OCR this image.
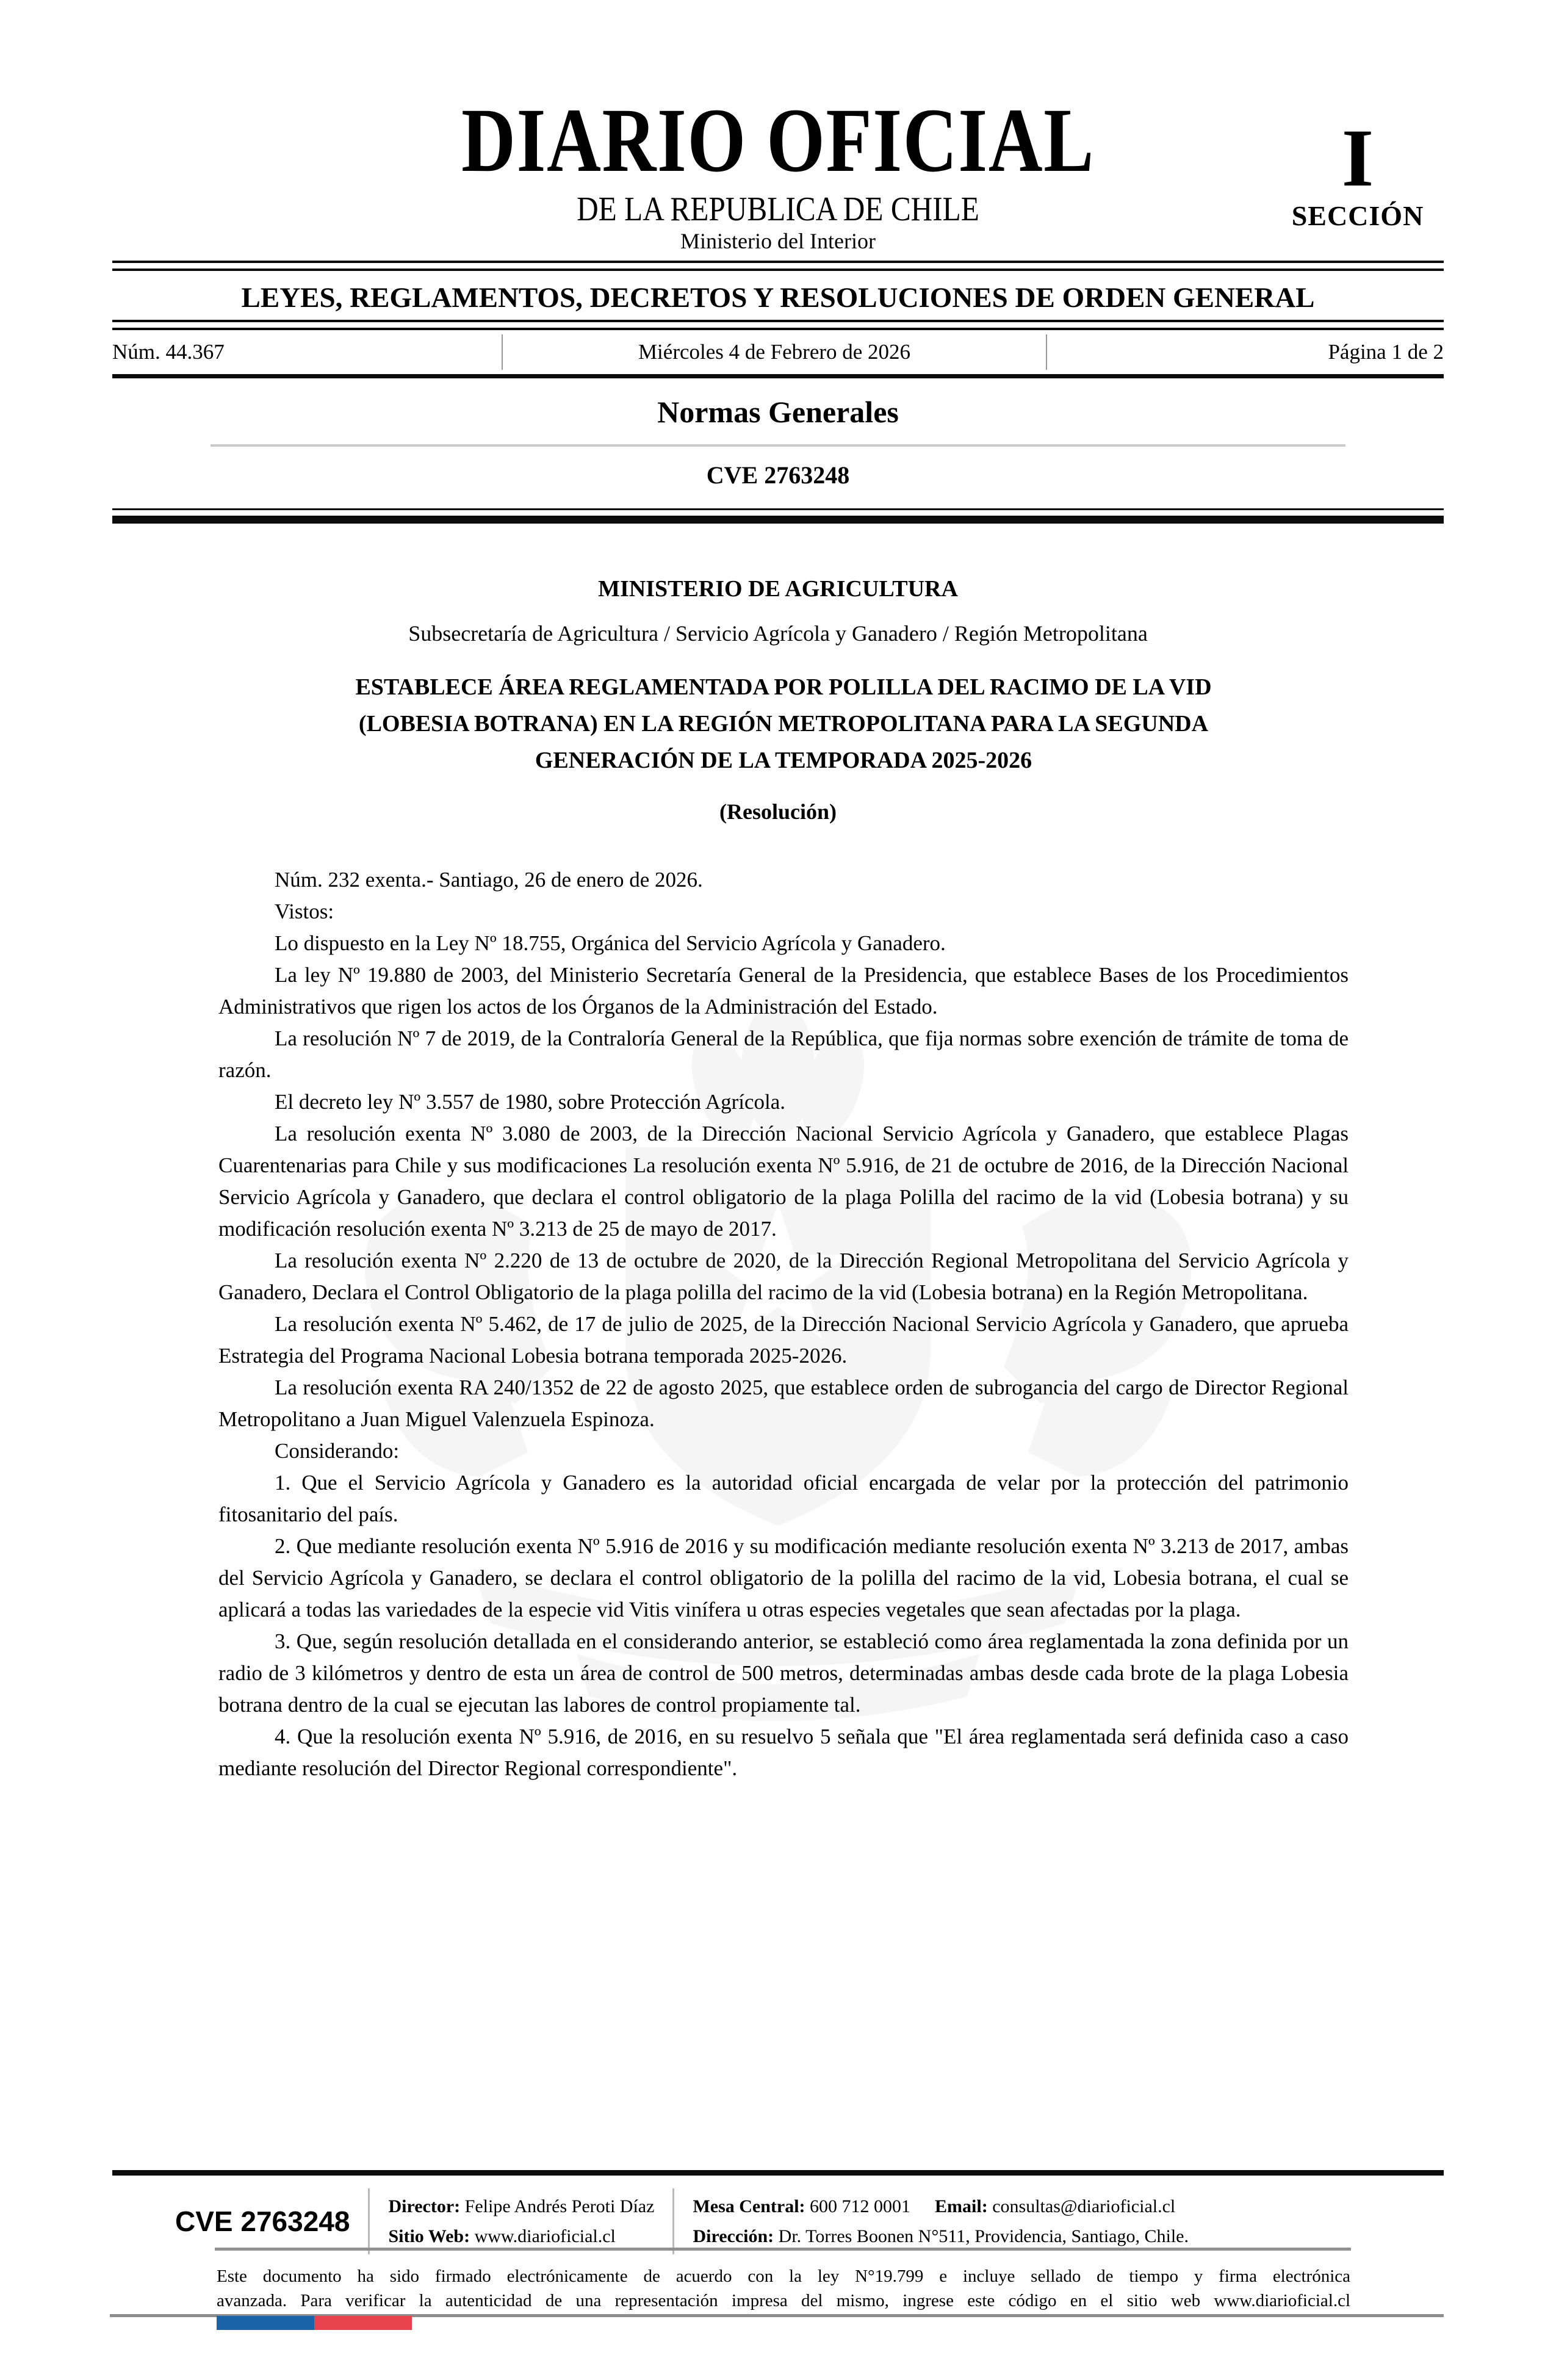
DIARIO OFICIAL
DE LA REPUBLICA DE CHILE
Ministerio del Interior
I
SECCIÓN
LEYES, REGLAMENTOS, DECRETOS Y RESOLUCIONES DE ORDEN GENERAL
Núm. 44.367	Miércoles 4 de Febrero de 2026	Página 1 de 2
Normas Generales
CVE 2763248
MINISTERIO DE AGRICULTURA
Subsecretaría de Agricultura / Servicio Agrícola y Ganadero / Región Metropolitana
ESTABLECE ÁREA REGLAMENTADA POR POLILLA DEL RACIMO DE LA VID
(LOBESIA BOTRANA) EN LA REGIÓN METROPOLITANA PARA LA SEGUNDA
GENERACIÓN DE LA TEMPORADA 2025-2026
(Resolución)

Núm. 232 exenta.- Santiago, 26 de enero de 2026.

Vistos:

Lo dispuesto en la Ley Nº 18.755, Orgánica del Servicio Agrícola y Ganadero.

La ley Nº 19.880 de 2003, del Ministerio Secretaría General de la Presidencia, que establece Bases de los Procedimientos Administrativos que rigen los actos de los Órganos de la Administración del Estado.

La resolución Nº 7 de 2019, de la Contraloría General de la República, que fija normas sobre exención de trámite de toma de razón.

El decreto ley Nº 3.557 de 1980, sobre Protección Agrícola.

La resolución exenta Nº 3.080 de 2003, de la Dirección Nacional Servicio Agrícola y Ganadero, que establece Plagas Cuarentenarias para Chile y sus modificaciones La resolución exenta Nº 5.916, de 21 de octubre de 2016, de la Dirección Nacional Servicio Agrícola y Ganadero, que declara el control obligatorio de la plaga Polilla del racimo de la vid (Lobesia botrana) y su modificación resolución exenta Nº 3.213 de 25 de mayo de 2017.

La resolución exenta Nº 2.220 de 13 de octubre de 2020, de la Dirección Regional Metropolitana del Servicio Agrícola y Ganadero, Declara el Control Obligatorio de la plaga polilla del racimo de la vid (Lobesia botrana) en la Región Metropolitana.

La resolución exenta Nº 5.462, de 17 de julio de 2025, de la Dirección Nacional Servicio Agrícola y Ganadero, que aprueba Estrategia del Programa Nacional Lobesia botrana temporada 2025-2026.

La resolución exenta RA 240/1352 de 22 de agosto 2025, que establece orden de subrogancia del cargo de Director Regional Metropolitano a Juan Miguel Valenzuela Espinoza.

Considerando:

1. Que el Servicio Agrícola y Ganadero es la autoridad oficial encargada de velar por la protección del patrimonio fitosanitario del país.

2. Que mediante resolución exenta Nº 5.916 de 2016 y su modificación mediante resolución exenta Nº 3.213 de 2017, ambas del Servicio Agrícola y Ganadero, se declara el control obligatorio de la polilla del racimo de la vid, Lobesia botrana, el cual se aplicará a todas las variedades de la especie vid Vitis vinífera u otras especies vegetales que sean afectadas por la plaga.

3. Que, según resolución detallada en el considerando anterior, se estableció como área reglamentada la zona definida por un radio de 3 kilómetros y dentro de esta un área de control de 500 metros, determinadas ambas desde cada brote de la plaga Lobesia botrana dentro de la cual se ejecutan las labores de control propiamente tal.

4. Que la resolución exenta Nº 5.916, de 2016, en su resuelvo 5 señala que "El área reglamentada será definida caso a caso mediante resolución del Director Regional correspondiente".

CVE 2763248 Director: Felipe Andrés Peroti Díaz
Sitio Web: www.diarioficial.cl
Mesa Central: 600 712 0001 Email: consultas@diarioficial.cl
Dirección: Dr. Torres Boonen N°511, Providencia, Santiago, Chile.
Este documento ha sido firmado electrónicamente de acuerdo con la ley N°19.799 e incluye sellado de tiempo y firma electrónica
avanzada. Para verificar la autenticidad de una representación impresa del mismo, ingrese este código en el sitio web www.diarioficial.cl
